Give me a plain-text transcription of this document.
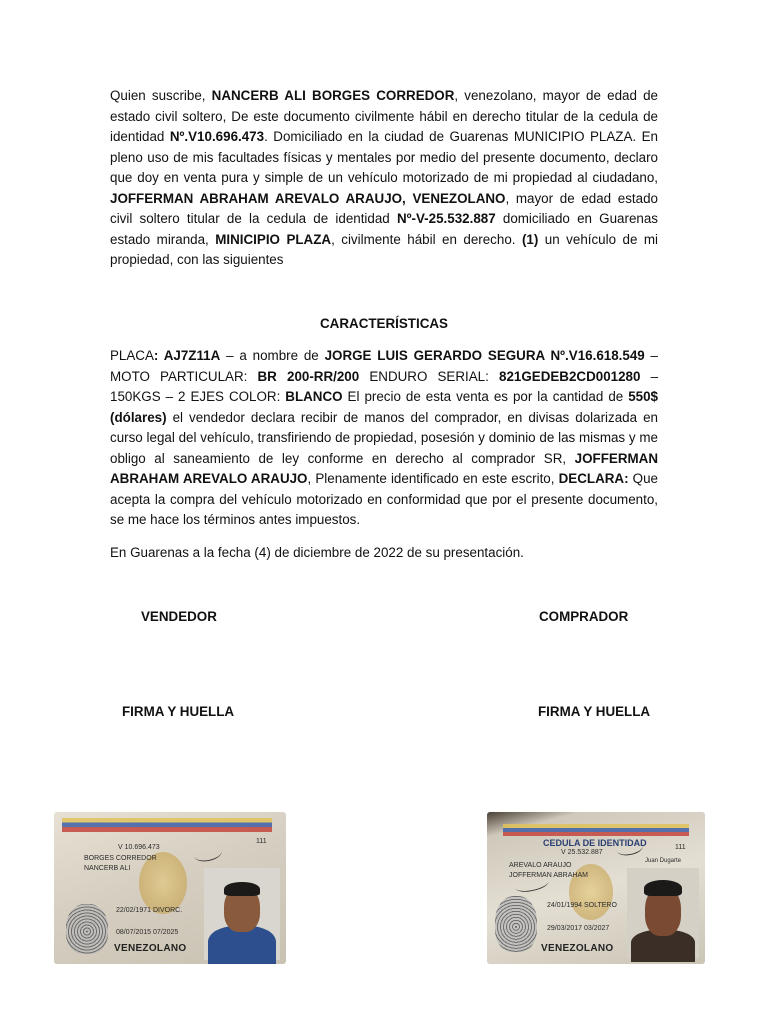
Quien suscribe, NANCERB ALI BORGES CORREDOR, venezolano, mayor de edad de estado civil soltero, De este documento civilmente hábil en derecho titular de la cedula de identidad Nº.V10.696.473. Domiciliado en la ciudad de Guarenas MUNICIPIO PLAZA. En pleno uso de mis facultades físicas y mentales por medio del presente documento, declaro que doy en venta pura y simple de un vehículo motorizado de mi propiedad al ciudadano, JOFFERMAN ABRAHAM AREVALO ARAUJO, VENEZOLANO, mayor de edad estado civil soltero titular de la cedula de identidad Nº-V-25.532.887 domiciliado en Guarenas estado miranda, MINICIPIO PLAZA, civilmente hábil en derecho. (1) un vehículo de mi propiedad, con las siguientes

CARACTERÍSTICAS

PLACA: AJ7Z11A – a nombre de JORGE LUIS GERARDO SEGURA Nº.V16.618.549 – MOTO PARTICULAR: BR 200-RR/200 ENDURO SERIAL: 821GEDEB2CD001280 – 150KGS – 2 EJES COLOR: BLANCO El precio de esta venta es por la cantidad de 550$ (dólares) el vendedor declara recibir de manos del comprador, en divisas dolarizada en curso legal del vehículo, transfiriendo de propiedad, posesión y dominio de las mismas y me obligo al saneamiento de ley conforme en derecho al comprador SR, JOFFERMAN ABRAHAM AREVALO ARAUJO, Plenamente identificado en este escrito, DECLARA: Que acepta la compra del vehículo motorizado en conformidad que por el presente documento, se me hace los términos antes impuestos.

En Guarenas a la fecha (4) de diciembre de 2022 de su presentación.

VENDEDOR	COMPRADOR

FIRMA Y HUELLA	FIRMA Y HUELLA

V 10.696.473
111
BORGES CORREDOR
NANCERB ALI
22/02/1971 DIVORC.
08/07/2015 07/2025
VENEZOLANO
CEDULA DE IDENTIDAD
V 25.532.887
111
Juan Dugarte
AREVALO ARAUJO
JOFFERMAN ABRAHAM
24/01/1994 SOLTERO
29/03/2017 03/2027
VENEZOLANO
